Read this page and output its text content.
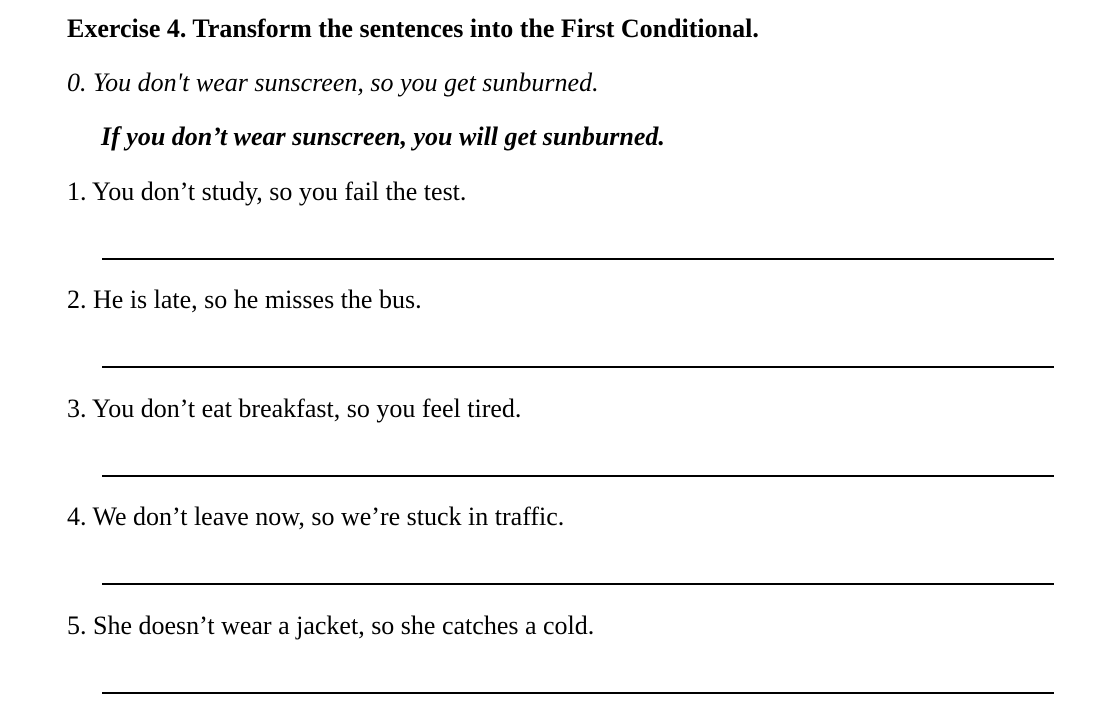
Exercise 4. Transform the sentences into the First Conditional.
0. You don't wear sunscreen, so you get sunburned.
If you don’t wear sunscreen, you will get sunburned.
1. You don’t study, so you fail the test.
2. He is late, so he misses the bus.
3. You don’t eat breakfast, so you feel tired.
4. We don’t leave now, so we’re stuck in traffic.
5. She doesn’t wear a jacket, so she catches a cold.
